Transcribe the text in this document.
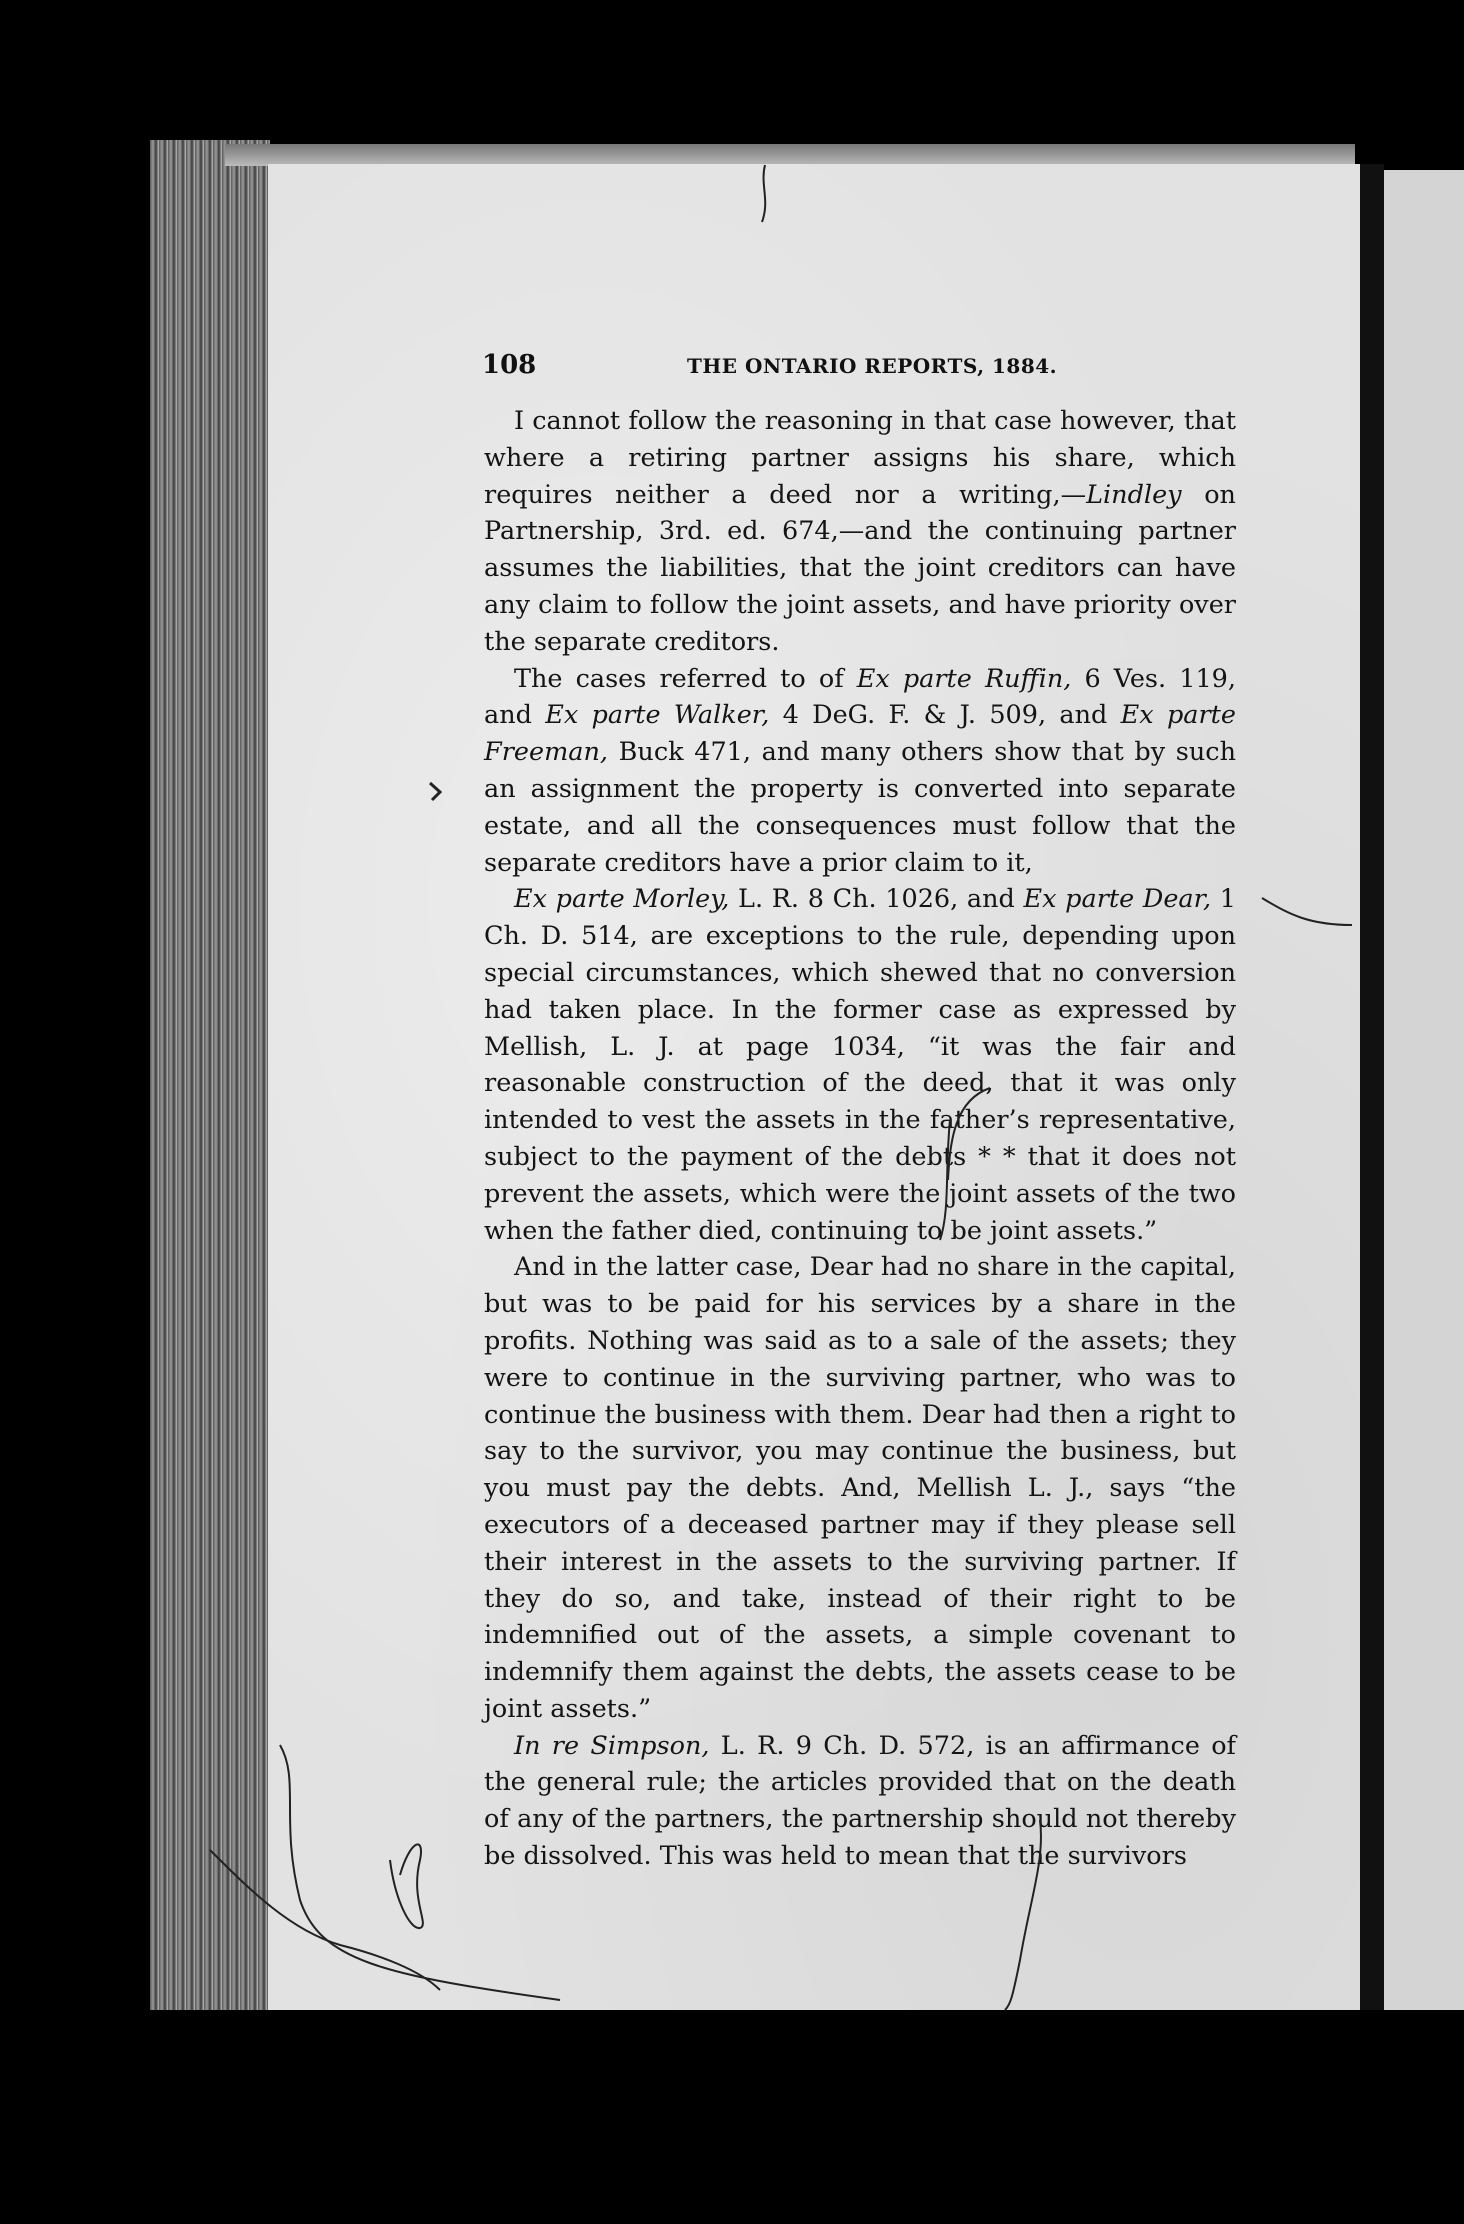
108	THE ONTARIO REPORTS, 1884.

I cannot follow the reasoning in that case however, that where a retiring partner assigns his share, which requires neither a deed nor a writing,—Lindley on Partnership, 3rd. ed. 674,—and the continuing partner assumes the liabilities, that the joint creditors can have any claim to follow the joint assets, and have priority over the separate creditors.

The cases referred to of Ex parte Ruffin, 6 Ves. 119, and Ex parte Walker, 4 DeG. F. & J. 509, and Ex parte Freeman, Buck 471, and many others show that by such an assignment the property is converted into separate estate, and all the consequences must follow that the separate creditors have a prior claim to it,

Ex parte Morley, L. R. 8 Ch. 1026, and Ex parte Dear, 1 Ch. D. 514, are exceptions to the rule, depending upon special circumstances, which shewed that no conversion had taken place. In the former case as expressed by Mellish, L. J. at page 1034, “it was the fair and reasonable construction of the deed, that it was only intended to vest the assets in the father’s representative, subject to the payment of the debts * * that it does not prevent the assets, which were the joint assets of the two when the father died, continuing to be joint assets.”

And in the latter case, Dear had no share in the capital, but was to be paid for his services by a share in the profits. Nothing was said as to a sale of the assets; they were to continue in the surviving partner, who was to continue the business with them. Dear had then a right to say to the survivor, you may continue the business, but you must pay the debts. And, Mellish L. J., says “the executors of a deceased partner may if they please sell their interest in the assets to the surviving partner. If they do so, and take, instead of their right to be indemnified out of the assets, a simple covenant to indemnify them against the debts, the assets cease to be joint assets.”

In re Simpson, L. R. 9 Ch. D. 572, is an affirmance of the general rule; the articles provided that on the death of any of the partners, the partnership should not thereby be dissolved. This was held to mean that the survivors
